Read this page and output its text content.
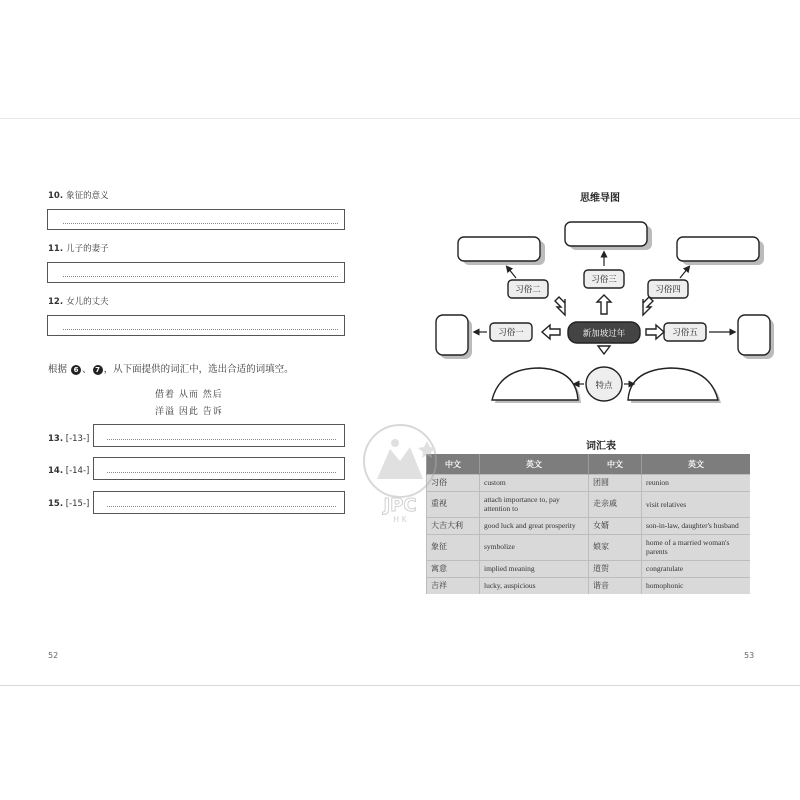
10. 象征的意义
11. 儿子的妻子
12. 女儿的丈夫
根据 6 、 7 ，从下面提供的词汇中，选出合适的词填空。
借着 从而 然后
洋溢 因此 告诉
13. [-13-]
14. [-14-]
15. [-15-]
52
思维导图
习俗二
习俗三
习俗四
习俗一	习俗五
新加坡过年
特点
词汇表
中文	英文	中文	英文
习俗	custom	团圆	reunion
重视	attach importance to, pay attention to	走亲戚	visit relatives
大吉大利	good luck and great prosperity	女婿	son-in-law, daughter's husband
象征	symbolize	娘家	home of a married woman's parents
寓意	implied meaning	道贺	congratulate
吉祥	lucky, auspicious	谐音	homophonic
53
JPC
H K
